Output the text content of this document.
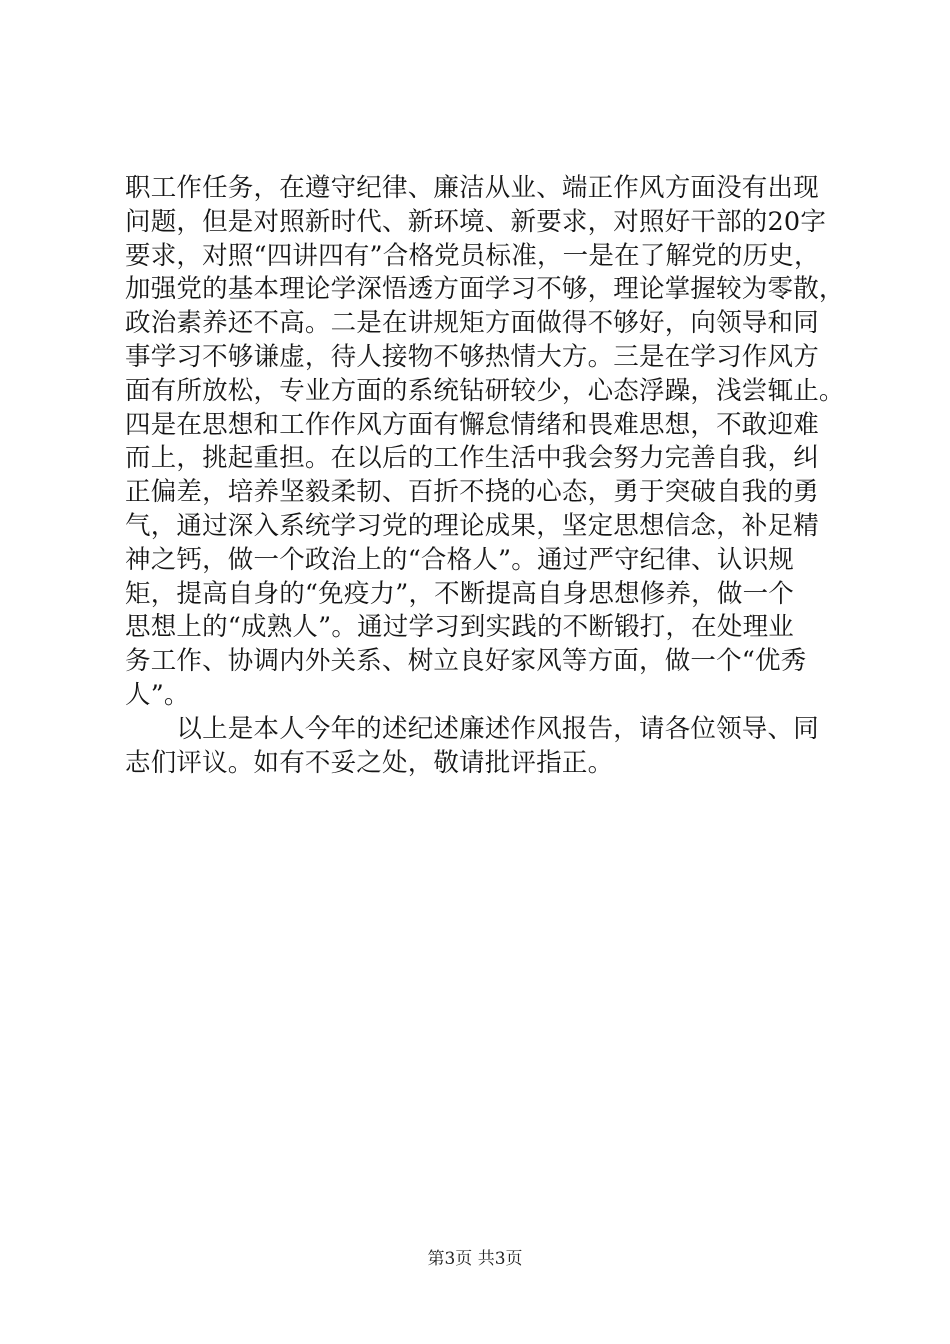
职工作任务，在遵守纪律、廉洁从业、端正作风方面没有出现
问题，但是对照新时代、新环境、新要求，对照好干部的20字
要求，对照“四讲四有”合格党员标准，一是在了解党的历史，
加强党的基本理论学深悟透方面学习不够，理论掌握较为零散，
政治素养还不高。二是在讲规矩方面做得不够好，向领导和同
事学习不够谦虚，待人接物不够热情大方。三是在学习作风方
面有所放松，专业方面的系统钻研较少，心态浮躁，浅尝辄止。
四是在思想和工作作风方面有懈怠情绪和畏难思想，不敢迎难
而上，挑起重担。在以后的工作生活中我会努力完善自我，纠
正偏差，培养坚毅柔韧、百折不挠的心态，勇于突破自我的勇
气，通过深入系统学习党的理论成果，坚定思想信念，补足精
神之钙，做一个政治上的“合格人”。通过严守纪律、认识规
矩，提高自身的“免疫力”，不断提高自身思想修养，做一个
思想上的“成熟人”。通过学习到实践的不断锻打，在处理业
务工作、协调内外关系、树立良好家风等方面，做一个“优秀
人”。
　　以上是本人今年的述纪述廉述作风报告，请各位领导、同
志们评议。如有不妥之处，敬请批评指正。
第3页 共3页
